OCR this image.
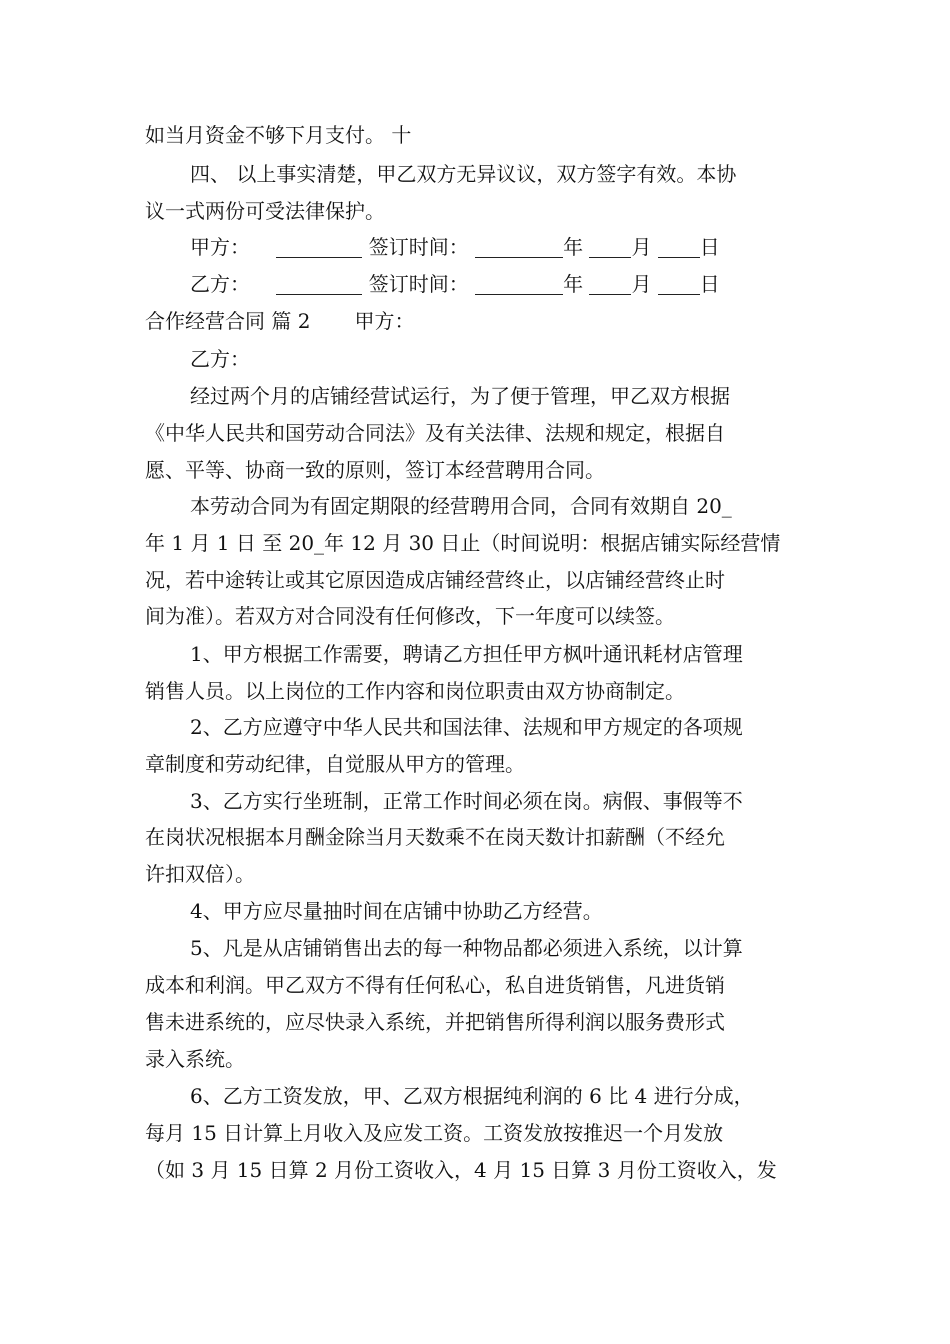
如当月资金不够下月支付。 十
四、 以上事实清楚，甲乙双方无异议议，双方签字有效。本协
议一式两份可受法律保护。
甲方：	签订时间：	年 月 日
乙方：	签订时间：	年 月 日
合作经营合同 篇 2 甲方：
乙方：
经过两个月的店铺经营试运行，为了便于管理，甲乙双方根据
《中华人民共和国劳动合同法》及有关法律、法规和规定，根据自
愿、平等、协商一致的原则，签订本经营聘用合同。
本劳动合同为有固定期限的经营聘用合同，合同有效期自 20_
年 1 月 1 日 至 20_年 12 月 30 日止（时间说明：根据店铺实际经营情
况，若中途转让或其它原因造成店铺经营终止，以店铺经营终止时
间为准）。若双方对合同没有任何修改，下一年度可以续签。
1、甲方根据工作需要，聘请乙方担任甲方枫叶通讯耗材店管理
销售人员。以上岗位的工作内容和岗位职责由双方协商制定。
2、乙方应遵守中华人民共和国法律、法规和甲方规定的各项规
章制度和劳动纪律，自觉服从甲方的管理。
3、乙方实行坐班制，正常工作时间必须在岗。病假、事假等不
在岗状况根据本月酬金除当月天数乘不在岗天数计扣薪酬（不经允
许扣双倍）。
4、甲方应尽量抽时间在店铺中协助乙方经营。
5、凡是从店铺销售出去的每一种物品都必须进入系统，以计算
成本和利润。甲乙双方不得有任何私心，私自进货销售，凡进货销
售未进系统的，应尽快录入系统，并把销售所得利润以服务费形式
录入系统。
6、乙方工资发放，甲、乙双方根据纯利润的 6 比 4 进行分成，
每月 15 日计算上月收入及应发工资。工资发放按推迟一个月发放
（如 3 月 15 日算 2 月份工资收入，4 月 15 日算 3 月份工资收入，发
